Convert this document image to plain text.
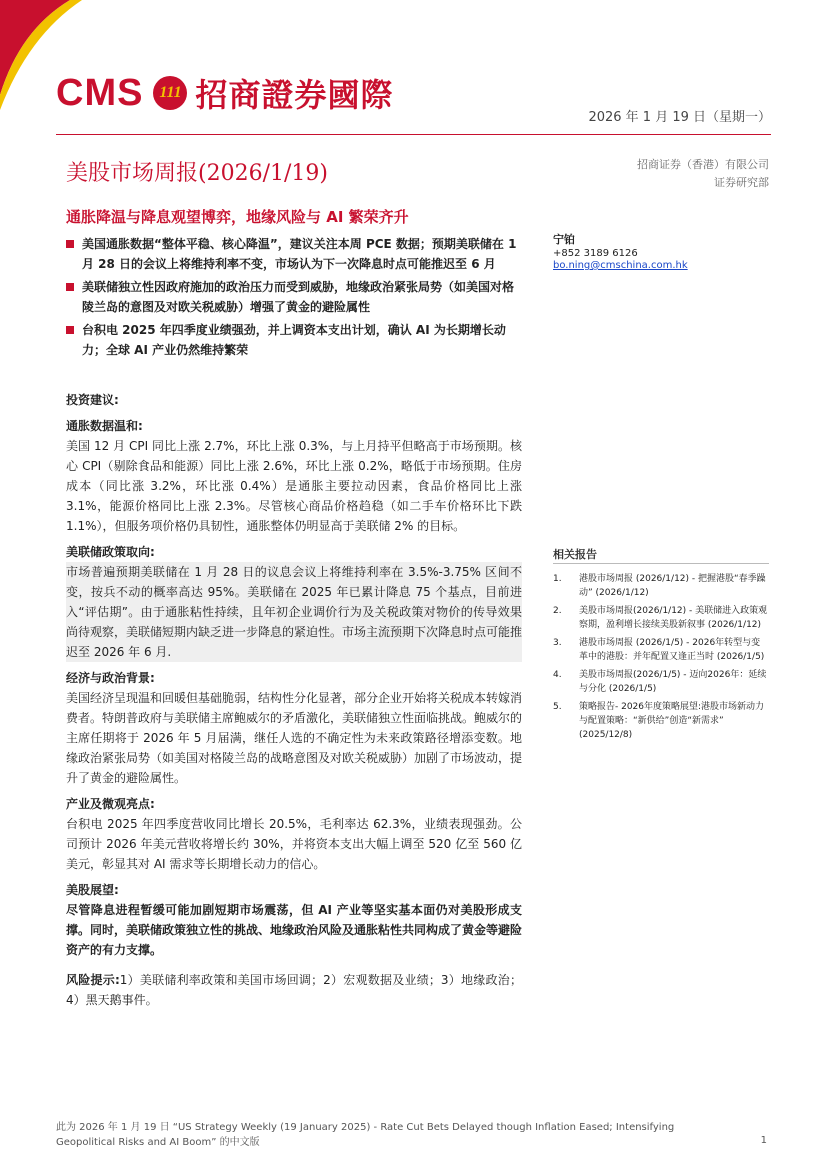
CMS 111 招商證券國際
2026 年 1 月 19 日（星期一）
美股市场周报(2026/1/19)	招商证券（香港）有限公司
证券研究部
通胀降温与降息观望博弈，地缘风险与 AI 繁荣齐升
美国通胀数据“整体平稳、核心降温”，建议关注本周 PCE 数据；预期美联储在 1 月 28 日的会议上将维持利率不变，市场认为下一次降息时点可能推迟至 6 月
美联储独立性因政府施加的政治压力而受到威胁，地缘政治紧张局势（如美国对格陵兰岛的意图及对欧关税威胁）增强了黄金的避险属性
台积电 2025 年四季度业绩强劲，并上调资本支出计划，确认 AI 为长期增长动力；全球 AI 产业仍然维持繁荣
宁铂
+852 3189 6126
bo.ning@cmschina.com.hk
投资建议:
通胀数据温和:
美国 12 月 CPI 同比上涨 2.7%，环比上涨 0.3%，与上月持平但略高于市场预期。核心 CPI（剔除食品和能源）同比上涨 2.6%，环比上涨 0.2%，略低于市场预期。住房成本（同比涨 3.2%，环比涨 0.4%）是通胀主要拉动因素，食品价格同比上涨 3.1%，能源价格同比上涨 2.3%。尽管核心商品价格趋稳（如二手车价格环比下跌 1.1%），但服务项价格仍具韧性，通胀整体仍明显高于美联储 2% 的目标。
美联储政策取向:
市场普遍预期美联储在 1 月 28 日的议息会议上将维持利率在 3.5%-3.75% 区间不变，按兵不动的概率高达 95%。美联储在 2025 年已累计降息 75 个基点，目前进入“评估期”。由于通胀粘性持续，且年初企业调价行为及关税政策对物价的传导效果尚待观察，美联储短期内缺乏进一步降息的紧迫性。市场主流预期下次降息时点可能推迟至 2026 年 6 月.
经济与政治背景:
美国经济呈现温和回暖但基础脆弱，结构性分化显著，部分企业开始将关税成本转嫁消费者。特朗普政府与美联储主席鲍威尔的矛盾激化，美联储独立性面临挑战。鲍威尔的主席任期将于 2026 年 5 月届满，继任人选的不确定性为未来政策路径增添变数。地缘政治紧张局势（如美国对格陵兰岛的战略意图及对欧关税威胁）加剧了市场波动，提升了黄金的避险属性。
产业及微观亮点:
台积电 2025 年四季度营收同比增长 20.5%，毛利率达 62.3%，业绩表现强劲。公司预计 2026 年美元营收将增长约 30%，并将资本支出大幅上调至 520 亿至 560 亿美元，彰显其对 AI 需求等长期增长动力的信心。
美股展望:
尽管降息进程暂缓可能加剧短期市场震荡，但 AI 产业等坚实基本面仍对美股形成支撑。同时，美联储政策独立性的挑战、地缘政治风险及通胀粘性共同构成了黄金等避险资产的有力支撑。
风险提示:1）美联储利率政策和美国市场回调；2）宏观数据及业绩；3）地缘政治；4）黑天鹅事件。
相关报告
1. 港股市场周报 (2026/1/12) - 把握港股“春季躁动” (2026/1/12)
2. 美股市场周报(2026/1/12) - 美联储进入政策观察期，盈利增长接续美股新叙事 (2026/1/12)
3. 港股市场周报 (2026/1/5) - 2026年转型与变革中的港股：并年配置又逢正当时 (2026/1/5)
4. 美股市场周报(2026/1/5) - 迈向2026年：延续与分化 (2026/1/5)
5. 策略报告- 2026年度策略展望:港股市场新动力与配置策略：“新供给”创造“新需求” (2025/12/8)
此为 2026 年 1 月 19 日 “US Strategy Weekly (19 January 2025) - Rate Cut Bets Delayed though Inflation Eased; Intensifying Geopolitical Risks and AI Boom” 的中文版	1
